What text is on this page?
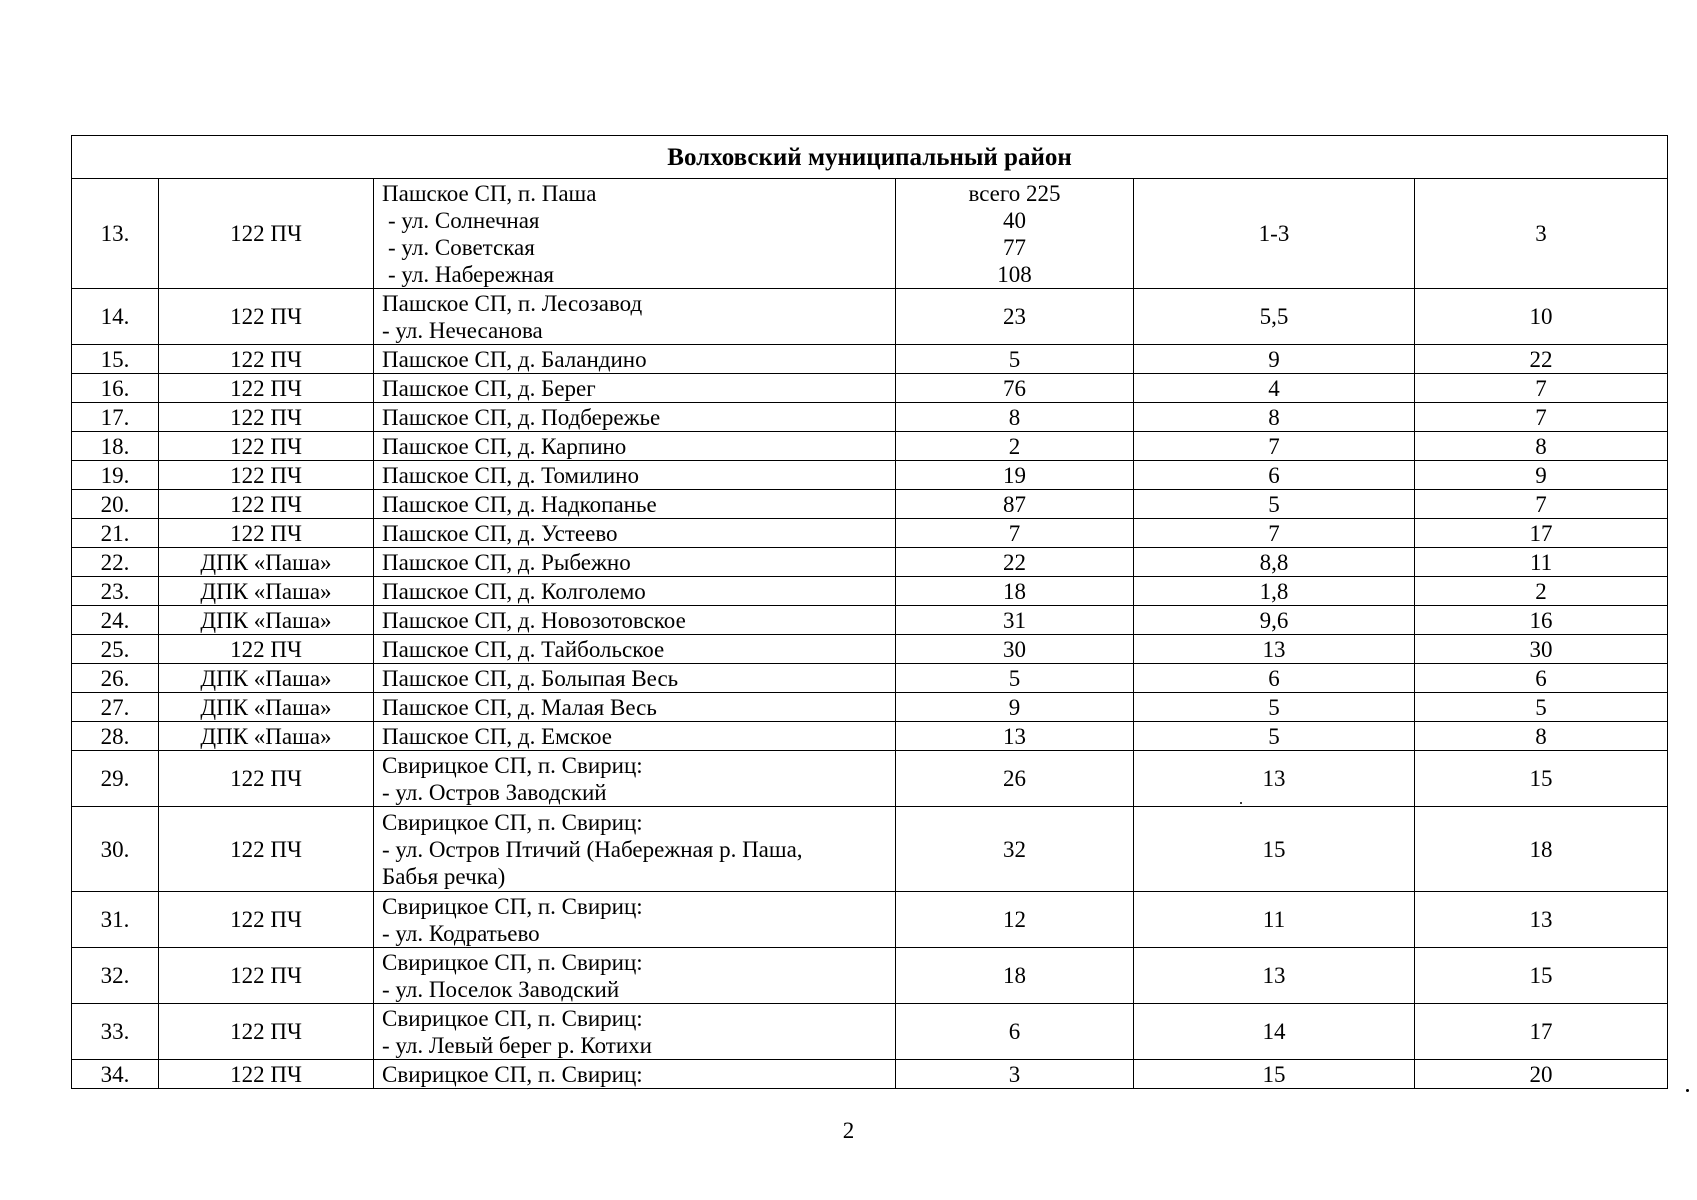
Волховский муниципальный район					
13.	122 ПЧ	Пашское СП, п. Паша
- ул. Солнечная
- ул. Советская
- ул. Набережная	всего 225
40
77
108	1-3	3
14.	122 ПЧ	Пашское СП, п. Лесозавод
- ул. Нечесанова	23	5,5	10
15.	122 ПЧ	Пашское СП, д. Баландино	5	9	22
16.	122 ПЧ	Пашское СП, д. Берег	76	4	7
17.	122 ПЧ	Пашское СП, д. Подбережье	8	8	7
18.	122 ПЧ	Пашское СП, д. Карпино	2	7	8
19.	122 ПЧ	Пашское СП, д. Томилино	19	6	9
20.	122 ПЧ	Пашское СП, д. Надкопанье	87	5	7
21.	122 ПЧ	Пашское СП, д. Устеево	7	7	17
22.	ДПК «Паша»	Пашское СП, д. Рыбежно	22	8,8	11
23.	ДПК «Паша»	Пашское СП, д. Колголемо	18	1,8	2
24.	ДПК «Паша»	Пашское СП, д. Новозотовское	31	9,6	16
25.	122 ПЧ	Пашское СП, д. Тайбольское	30	13	30
26.	ДПК «Паша»	Пашское СП, д. Болыпая Весь	5	6	6
27.	ДПК «Паша»	Пашское СП, д. Малая Весь	9	5	5
28.	ДПК «Паша»	Пашское СП, д. Емское	13	5	8
29.	122 ПЧ	Свирицкое СП, п. Свириц:
- ул. Остров Заводский	26	13	15
30.	122 ПЧ	Свирицкое СП, п. Свириц:
- ул. Остров Птичий (Набережная р. Паша,
Бабья речка)	32	15	18
31.	122 ПЧ	Свирицкое СП, п. Свириц:
- ул. Кодратьево	12	11	13
32.	122 ПЧ	Свирицкое СП, п. Свириц:
- ул. Поселок Заводский	18	13	15
33.	122 ПЧ	Свирицкое СП, п. Свириц:
- ул. Левый берег р. Котихи	6	14	17
34.	122 ПЧ	Свирицкое СП, п. Свириц:	3	15	20
2
